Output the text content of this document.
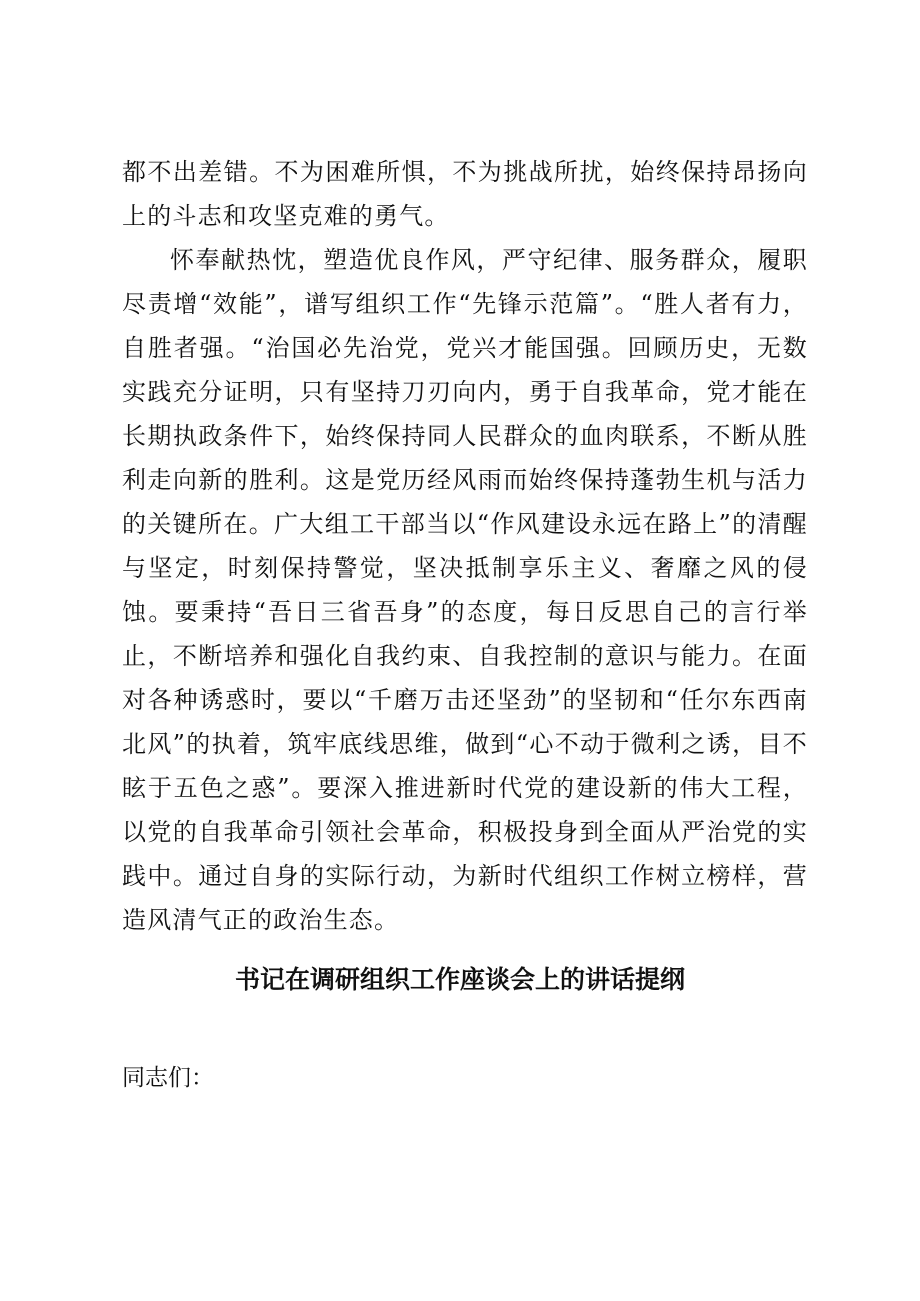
都不出差错。不为困难所惧，不为挑战所扰，始终保持昂扬向上的斗志和攻坚克难的勇气。

怀奉献热忱，塑造优良作风，严守纪律、服务群众，履职尽责增“效能”，谱写组织工作“先锋示范篇”。“胜人者有力，自胜者强。“治国必先治党，党兴才能国强。回顾历史，无数实践充分证明，只有坚持刀刃向内，勇于自我革命，党才能在长期执政条件下，始终保持同人民群众的血肉联系，不断从胜利走向新的胜利。这是党历经风雨而始终保持蓬勃生机与活力的关键所在。广大组工干部当以“作风建设永远在路上”的清醒与坚定，时刻保持警觉，坚决抵制享乐主义、奢靡之风的侵蚀。要秉持“吾日三省吾身”的态度，每日反思自己的言行举止，不断培养和强化自我约束、自我控制的意识与能力。在面对各种诱惑时，要以“千磨万击还坚劲”的坚韧和“任尔东西南北风”的执着，筑牢底线思维，做到“心不动于微利之诱，目不眩于五色之惑”。要深入推进新时代党的建设新的伟大工程，以党的自我革命引领社会革命，积极投身到全面从严治党的实践中。通过自身的实际行动，为新时代组织工作树立榜样，营造风清气正的政治生态。

书记在调研组织工作座谈会上的讲话提纲

同志们：
